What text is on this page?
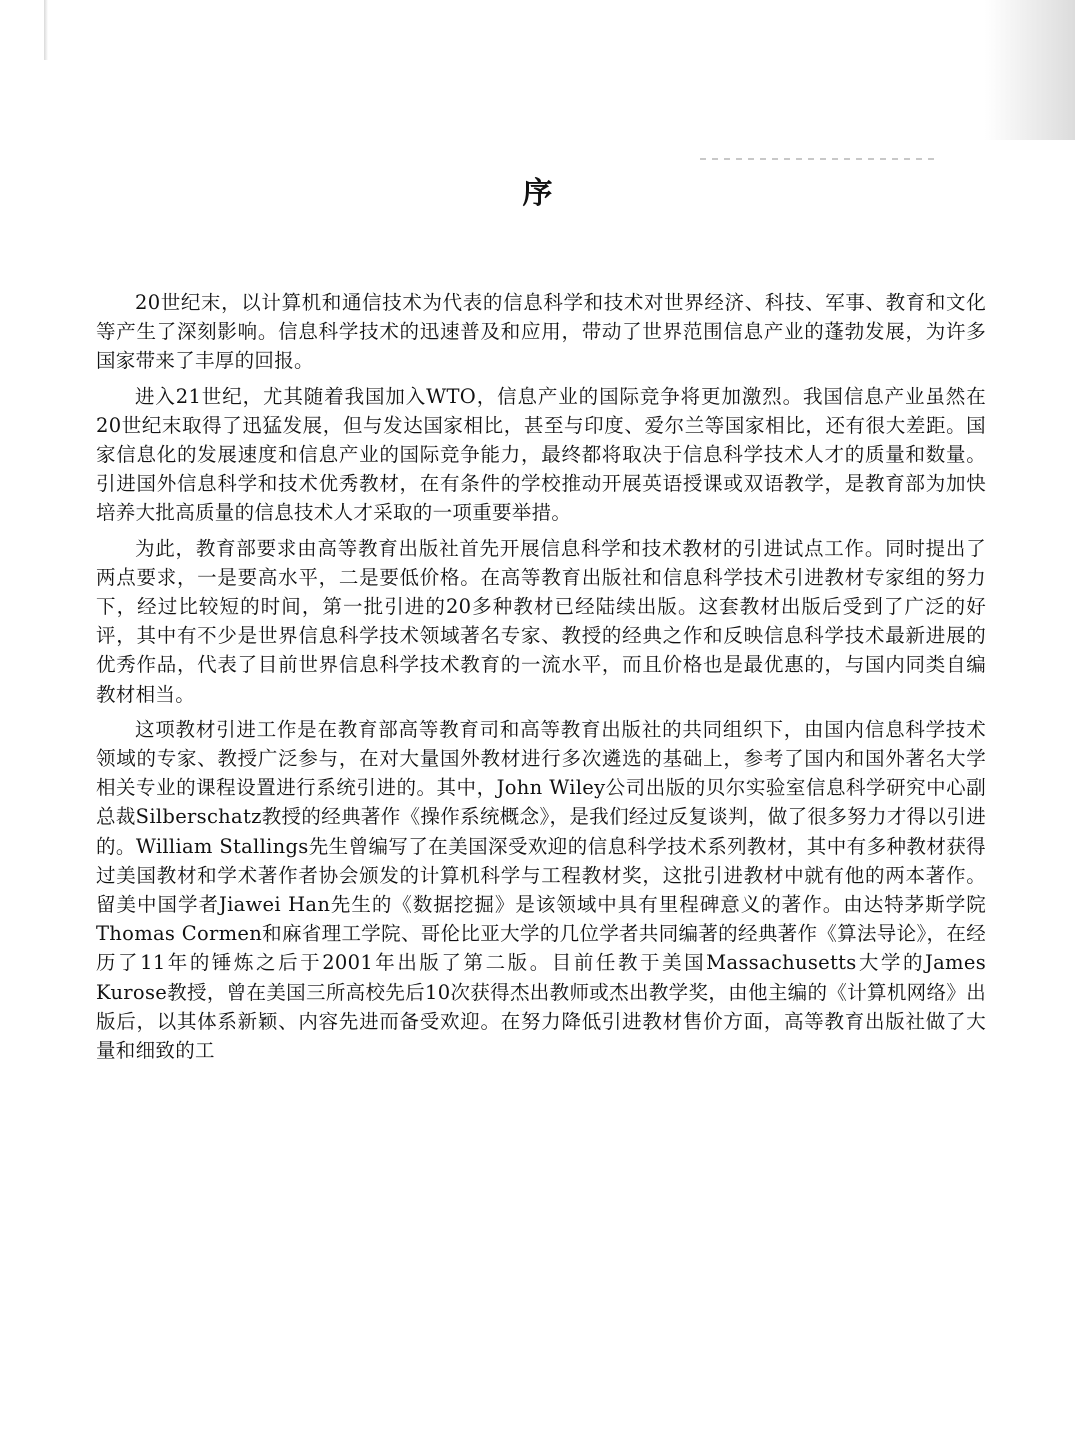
序

20世纪末，以计算机和通信技术为代表的信息科学和技术对世界经济、科技、军事、教育和文化等产生了深刻影响。信息科学技术的迅速普及和应用，带动了世界范围信息产业的蓬勃发展，为许多国家带来了丰厚的回报。

进入21世纪，尤其随着我国加入WTO，信息产业的国际竞争将更加激烈。我国信息产业虽然在20世纪末取得了迅猛发展，但与发达国家相比，甚至与印度、爱尔兰等国家相比，还有很大差距。国家信息化的发展速度和信息产业的国际竞争能力，最终都将取决于信息科学技术人才的质量和数量。引进国外信息科学和技术优秀教材，在有条件的学校推动开展英语授课或双语教学，是教育部为加快培养大批高质量的信息技术人才采取的一项重要举措。

为此，教育部要求由高等教育出版社首先开展信息科学和技术教材的引进试点工作。同时提出了两点要求，一是要高水平，二是要低价格。在高等教育出版社和信息科学技术引进教材专家组的努力下，经过比较短的时间，第一批引进的20多种教材已经陆续出版。这套教材出版后受到了广泛的好评，其中有不少是世界信息科学技术领域著名专家、教授的经典之作和反映信息科学技术最新进展的优秀作品，代表了目前世界信息科学技术教育的一流水平，而且价格也是最优惠的，与国内同类自编教材相当。

这项教材引进工作是在教育部高等教育司和高等教育出版社的共同组织下，由国内信息科学技术领域的专家、教授广泛参与，在对大量国外教材进行多次遴选的基础上，参考了国内和国外著名大学相关专业的课程设置进行系统引进的。其中，John Wiley公司出版的贝尔实验室信息科学研究中心副总裁Silberschatz教授的经典著作《操作系统概念》，是我们经过反复谈判，做了很多努力才得以引进的。William Stallings先生曾编写了在美国深受欢迎的信息科学技术系列教材，其中有多种教材获得过美国教材和学术著作者协会颁发的计算机科学与工程教材奖，这批引进教材中就有他的两本著作。留美中国学者Jiawei Han先生的《数据挖掘》是该领域中具有里程碑意义的著作。由达特茅斯学院Thomas Cormen和麻省理工学院、哥伦比亚大学的几位学者共同编著的经典著作《算法导论》，在经历了11年的锤炼之后于2001年出版了第二版。目前任教于美国Massachusetts大学的James Kurose教授，曾在美国三所高校先后10次获得杰出教师或杰出教学奖，由他主编的《计算机网络》出版后，以其体系新颖、内容先进而备受欢迎。在努力降低引进教材售价方面，高等教育出版社做了大量和细致的工
